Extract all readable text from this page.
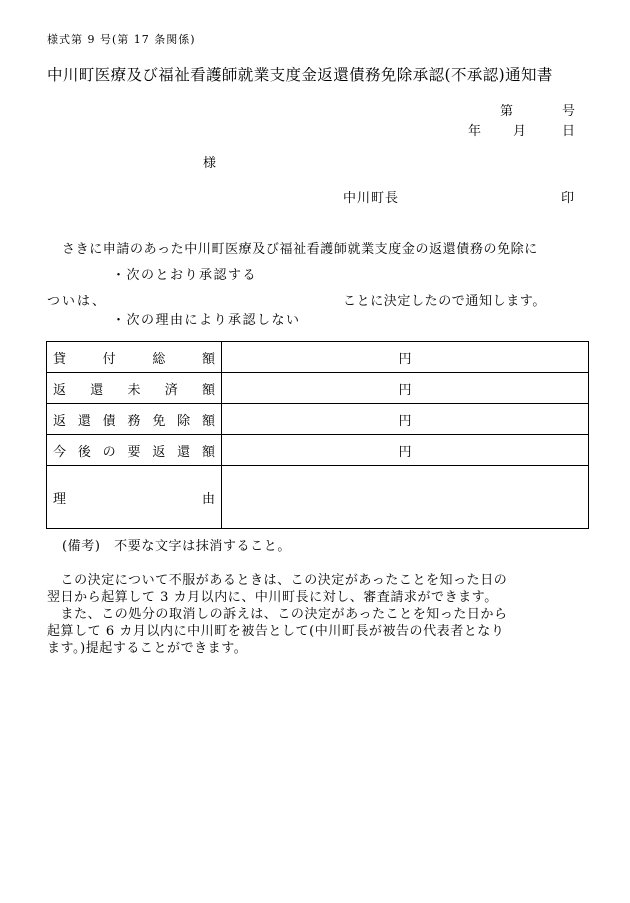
様式第 9 号(第 17 条関係)
中川町医療及び福祉看護師就業支度金返還債務免除承認(不承認)通知書
第	号
年 月	日
様
中川町長	印
さきに申請のあった中川町医療及び福祉看護師就業支度金の返還債務の免除に
・次のとおり承認する
ついは、	ことに決定したので通知します。
・次の理由により承認しない
貸付総額	円

返還未済額	円

返還債務免除額	円

今後の要返還額	円

理由	

(備考)　不要な文字は抹消すること。
　この決定について不服があるときは、この決定があったことを知った日の
翌日から起算して 3 カ月以内に、中川町長に対し、審査請求ができます。
　また、この処分の取消しの訴えは、この決定があったことを知った日から
起算して 6 カ月以内に中川町を被告として(中川町長が被告の代表者となり
ます。)提起することができます。
